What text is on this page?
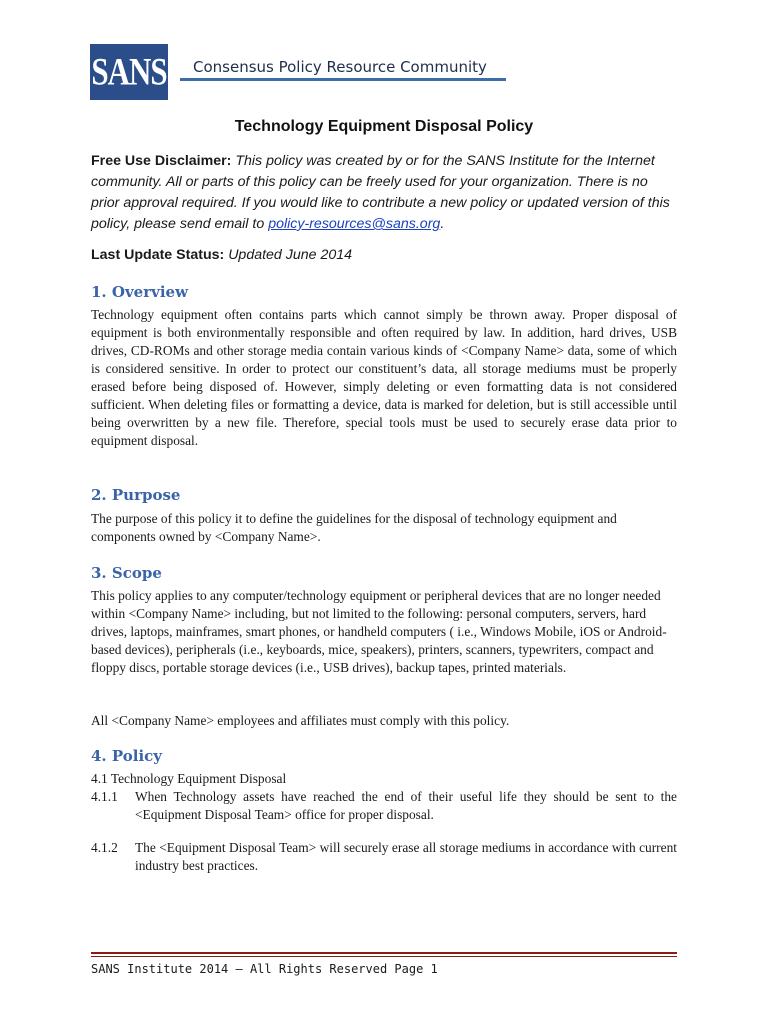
SANS Consensus Policy Resource Community
Technology Equipment Disposal Policy
Free Use Disclaimer: This policy was created by or for the SANS Institute for the Internet community. All or parts of this policy can be freely used for your organization. There is no prior approval required. If you would like to contribute a new policy or updated version of this policy, please send email to policy-resources@sans.org.
Last Update Status: Updated June 2014
1. Overview
Technology equipment often contains parts which cannot simply be thrown away. Proper disposal of equipment is both environmentally responsible and often required by law. In addition, hard drives, USB drives, CD-ROMs and other storage media contain various kinds of <Company Name> data, some of which is considered sensitive. In order to protect our constituent’s data, all storage mediums must be properly erased before being disposed of. However, simply deleting or even formatting data is not considered sufficient. When deleting files or formatting a device, data is marked for deletion, but is still accessible until being overwritten by a new file. Therefore, special tools must be used to securely erase data prior to equipment disposal.
2. Purpose
The purpose of this policy it to define the guidelines for the disposal of technology equipment and components owned by <Company Name>.
3. Scope
This policy applies to any computer/technology equipment or peripheral devices that are no longer needed within <Company Name> including, but not limited to the following: personal computers, servers, hard drives, laptops, mainframes, smart phones, or handheld computers ( i.e., Windows Mobile, iOS or Android-based devices), peripherals (i.e., keyboards, mice, speakers), printers, scanners, typewriters, compact and floppy discs, portable storage devices (i.e., USB drives), backup tapes, printed materials.
All <Company Name> employees and affiliates must comply with this policy.
4. Policy
4.1 Technology Equipment Disposal
4.1.1 When Technology assets have reached the end of their useful life they should be sent to the <Equipment Disposal Team> office for proper disposal.
4.1.2 The <Equipment Disposal Team> will securely erase all storage mediums in accordance with current industry best practices.
SANS Institute 2014 – All Rights Reserved Page 1
